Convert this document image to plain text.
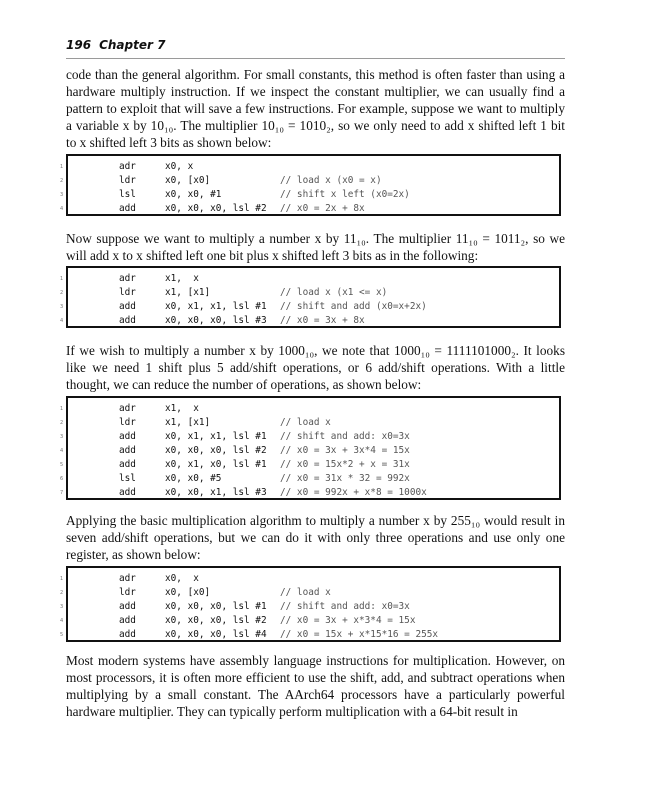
196 Chapter 7

code than the general algorithm. For small constants, this method is often faster than using a hardware multiply instruction. If we inspect the constant multiplier, we can usually find a pattern to exploit that will save a few instructions. For example, suppose we want to multiply a variable x by 10₁₀. The multiplier 10₁₀ = 1010₂, so we only need to add x shifted left 1 bit to x shifted left 3 bits as shown below:

1	adr	x0, x
2	ldr	x0, [x0]	// load x (x0 = x)
3	lsl	x0, x0, #1	// shift x left (x0=2x)
4	add	x0, x0, x0, lsl #2 // x0 = 2x + 8x

Now suppose we want to multiply a number x by 11₁₀. The multiplier 11₁₀ = 1011₂, so we will add x to x shifted left one bit plus x shifted left 3 bits as in the following:

1	adr	x1,  x
2	ldr	x1, [x1]	// load x (x1 <= x)
3	add	x0, x1, x1, lsl #1 // shift and add (x0=x+2x)
4	add	x0, x0, x0, lsl #3 // x0 = 3x + 8x

If we wish to multiply a number x by 1000₁₀, we note that 1000₁₀ = 1111101000₂. It looks like we need 1 shift plus 5 add/shift operations, or 6 add/shift operations. With a little thought, we can reduce the number of operations, as shown below:

1	adr	x1,  x
2	ldr	x1, [x1]	// load x
3	add	x0, x1, x1, lsl #1 // shift and add: x0=3x
4	add	x0, x0, x0, lsl #2 // x0 = 3x + 3x*4 = 15x
5	add	x0, x1, x0, lsl #1 // x0 = 15x*2 + x = 31x
6	lsl	x0, x0, #5	// x0 = 31x * 32 = 992x
7	add	x0, x0, x1, lsl #3 // x0 = 992x + x*8 = 1000x

Applying the basic multiplication algorithm to multiply a number x by 255₁₀ would result in seven add/shift operations, but we can do it with only three operations and use only one register, as shown below:

1	adr	x0,  x
2	ldr	x0, [x0]	// load x
3	add	x0, x0, x0, lsl #1 // shift and add: x0=3x
4	add	x0, x0, x0, lsl #2 // x0 = 3x + x*3*4 = 15x
5	add	x0, x0, x0, lsl #4 // x0 = 15x + x*15*16 = 255x

Most modern systems have assembly language instructions for multiplication. However, on most processors, it is often more efficient to use the shift, add, and subtract operations when multiplying by a small constant. The AArch64 processors have a particularly powerful hardware multiplier. They can typically perform multiplication with a 64-bit result in
